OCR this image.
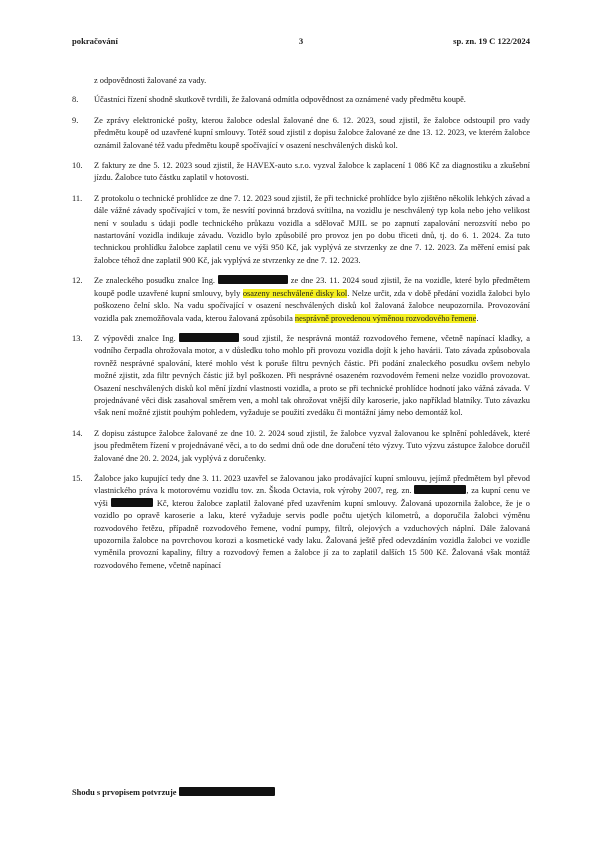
pokračování	3	sp. zn. 19 C 122/2024

z odpovědnosti žalované za vady.

8. Účastníci řízení shodně skutkově tvrdili, že žalovaná odmítla odpovědnost za oznámené vady předmětu koupě.

9. Ze zprávy elektronické pošty, kterou žalobce odeslal žalované dne 6. 12. 2023, soud zjistil, že žalobce odstoupil pro vady předmětu koupě od uzavřené kupní smlouvy. Totéž soud zjistil z dopisu žalobce žalované ze dne 13. 12. 2023, ve kterém žalobce oznámil žalované též vadu předmětu koupě spočívající v osazení neschválených disků kol.

10. Z faktury ze dne 5. 12. 2023 soud zjistil, že HAVEX-auto s.r.o. vyzval žalobce k zaplacení 1 086 Kč za diagnostiku a zkušební jízdu. Žalobce tuto částku zaplatil v hotovosti.

11. Z protokolu o technické prohlídce ze dne 7. 12. 2023 soud zjistil, že při technické prohlídce bylo zjištěno několik lehkých závad a dále vážné závady spočívající v tom, že nesvítí povinná brzdová svítilna, na vozidlu je neschválený typ kola nebo jeho velikost není v souladu s údaji podle technického průkazu vozidla a sdělovač MJIL se po zapnutí zapalování nerozsvítí nebo po nastartování vozidla indikuje závadu. Vozidlo bylo způsobilé pro provoz jen po dobu třiceti dnů, tj. do 6. 1. 2024. Za tuto technickou prohlídku žalobce zaplatil cenu ve výši 950 Kč, jak vyplývá ze stvrzenky ze dne 7. 12. 2023. Za měření emisí pak žalobce téhož dne zaplatil 900 Kč, jak vyplývá ze stvrzenky ze dne 7. 12. 2023.

12. Ze znaleckého posudku znalce Ing.	ze dne 23. 11. 2024 soud zjistil, že na vozidle, které bylo předmětem koupě podle uzavřené kupní smlouvy, byly osazeny neschválené disky kol. Nelze určit, zda v době předání vozidla žalobci bylo poškozeno čelní sklo. Na vadu spočívající v osazení neschválených disků kol žalovaná žalobce neupozornila. Provozování vozidla pak znemožňovala vada, kterou žalovaná způsobila nesprávně provedenou výměnou rozvodového řemene.

13. Z výpovědi znalce Ing.	soud zjistil, že nesprávná montáž rozvodového řemene, včetně napínací kladky, a vodního čerpadla ohrožovala motor, a v důsledku toho mohlo při provozu vozidla dojít k jeho havárii. Tato závada způsobovala rovněž nesprávné spalování, které mohlo vést k poruše filtru pevných částic. Při podání znaleckého posudku ovšem nebylo možné zjistit, zda filtr pevných částic již byl poškozen. Při nesprávné osazeném rozvodovém řemeni nelze vozidlo provozovat. Osazení neschválených disků kol mění jízdní vlastnosti vozidla, a proto se při technické prohlídce hodnotí jako vážná závada. V projednávané věci disk zasahoval směrem ven, a mohl tak ohrožovat vnější díly karoserie, jako například blatníky. Tuto závazku však není možné zjistit pouhým pohledem, vyžaduje se použití zvedáku či montážní jámy nebo demontáž kol.

14. Z dopisu zástupce žalobce žalované ze dne 10. 2. 2024 soud zjistil, že žalobce vyzval žalovanou ke splnění pohledávek, které jsou předmětem řízení v projednávané věci, a to do sedmi dnů ode dne doručení této výzvy. Tuto výzvu zástupce žalobce doručil žalované dne 20. 2. 2024, jak vyplývá z doručenky.

15. Žalobce jako kupující tedy dne 3. 11. 2023 uzavřel se žalovanou jako prodávající kupní smlouvu, jejímž předmětem byl převod vlastnického práva k motorovému vozidlu tov. zn. Škoda Octavia, rok výroby 2007, reg. zn.	, za kupní cenu ve výši	Kč, kterou žalobce zaplatil žalované před uzavřením kupní smlouvy. Žalovaná upozornila žalobce, že je o vozidlo po opravě karoserie a laku, které vyžaduje servis podle počtu ujetých kilometrů, a doporučila žalobci výměnu rozvodového řetězu, případně rozvodového řemene, vodní pumpy, filtrů, olejových a vzduchových náplní. Dále žalovaná upozornila žalobce na povrchovou korozi a kosmetické vady laku. Žalovaná ještě před odevzdáním vozidla žalobci ve vozidle vyměnila provozní kapaliny, filtry a rozvodový řemen a žalobce jí za to zaplatil dalších 15 500 Kč. Žalovaná však montáž rozvodového řemene, včetně napínací

Shodu s prvopisem potvrzuje
